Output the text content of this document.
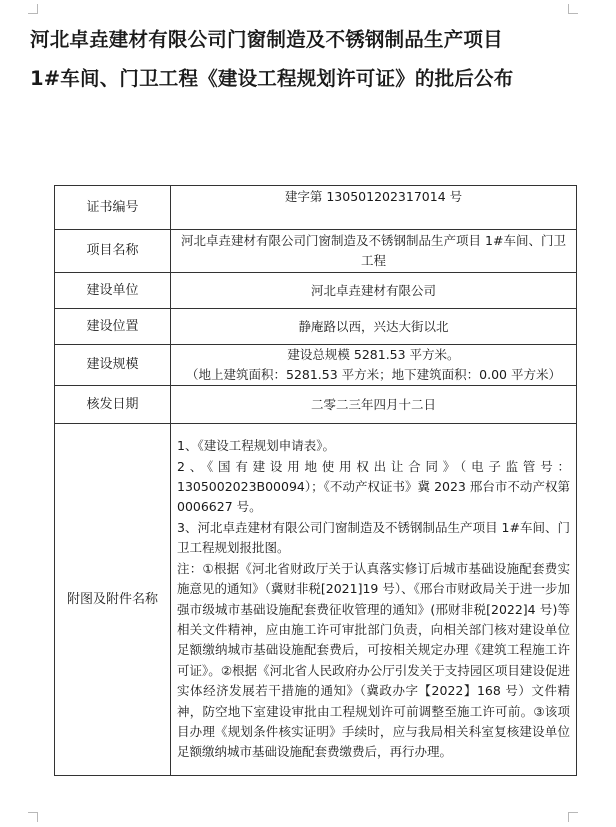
河北卓垚建材有限公司门窗制造及不锈钢制品生产项目
1#车间、门卫工程《建设工程规划许可证》的批后公布
证书编号	建字第 130501202317014 号
项目名称	河北卓垚建材有限公司门窗制造及不锈钢制品生产项目 1#车间、门卫工程
建设单位	河北卓垚建材有限公司
建设位置	静庵路以西，兴达大街以北
建设规模	建设总规模 5281.53 平方米。
（地上建筑面积：5281.53 平方米；地下建筑面积：0.00 平方米）

核发日期	二零二三年四月十二日
附图及附件名称	1、《建设工程规划申请表》。

2、《国有建设用地使用权出让合同》（电子监管号：1305002023B00094）；《不动产权证书》冀 2023 邢台市不动产权第 0006627 号。

3、河北卓垚建材有限公司门窗制造及不锈钢制品生产项目 1#车间、门卫工程规划报批图。

注：①根据《河北省财政厅关于认真落实修订后城市基础设施配套费实施意见的通知》（冀财非税[2021]19 号）、《邢台市财政局关于进一步加强市级城市基础设施配套费征收管理的通知》(邢财非税[2022]4 号)等相关文件精神，应由施工许可审批部门负责，向相关部门核对建设单位足额缴纳城市基础设施配套费后，可按相关规定办理《建筑工程施工许可证》。②根据《河北省人民政府办公厅引发关于支持园区项目建设促进实体经济发展若干措施的通知》（冀政办字【2022】168 号）文件精神，防空地下室建设审批由工程规划许可前调整至施工许可前。③该项目办理《规划条件核实证明》手续时，应与我局相关科室复核建设单位足额缴纳城市基础设施配套费缴费后，再行办理。
